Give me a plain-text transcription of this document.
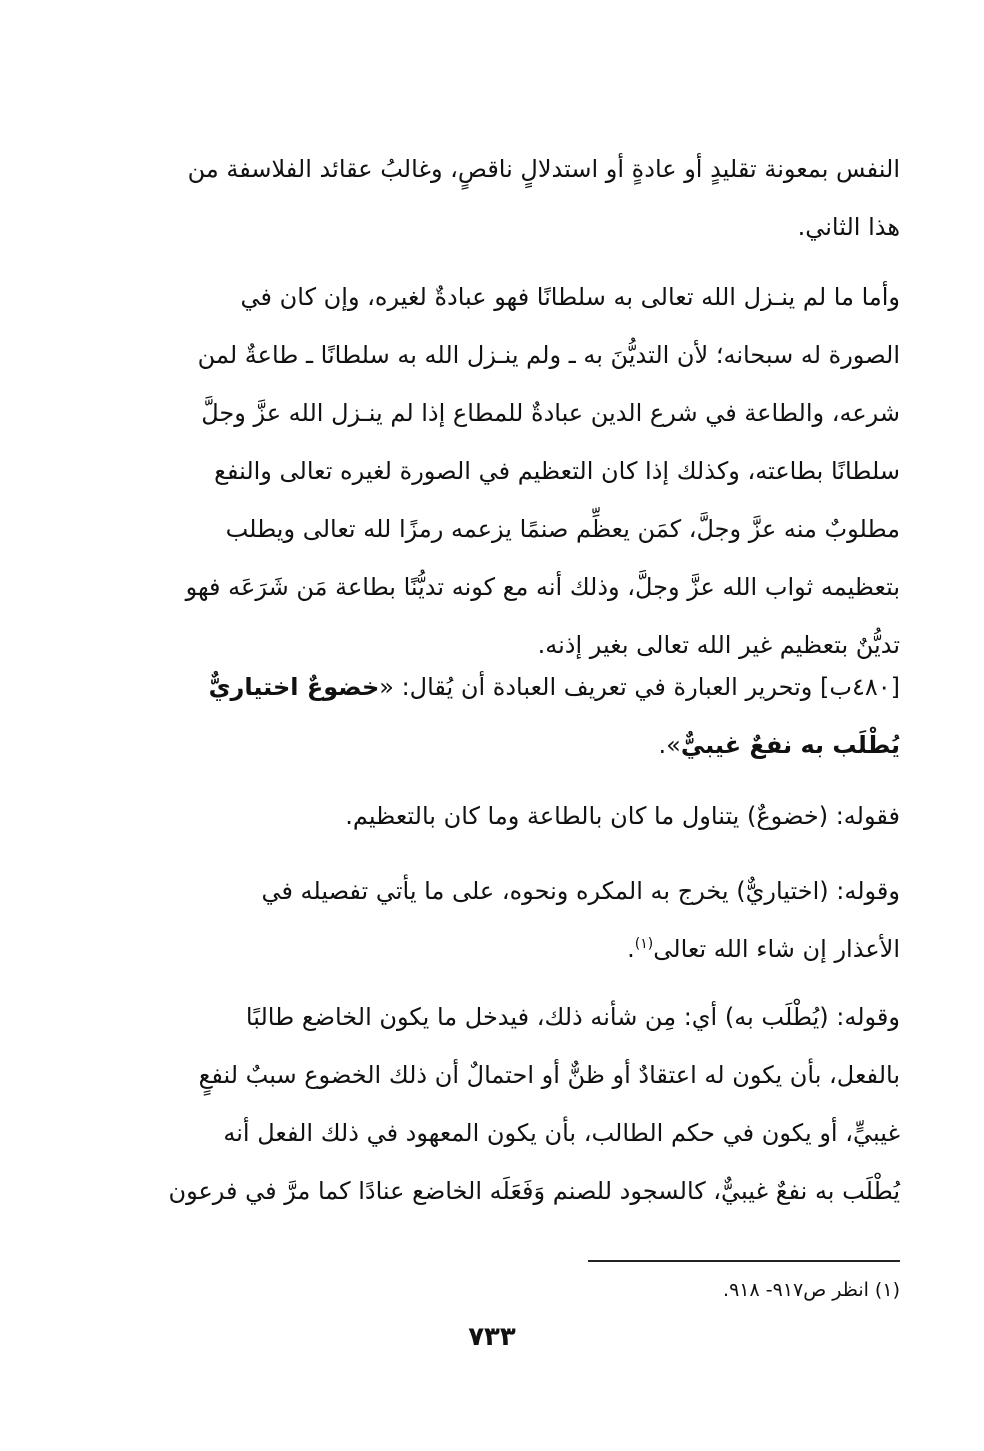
النفس بمعونة تقليدٍ أو عادةٍ أو استدلالٍ ناقصٍ، وغالبُ عقائد الفلاسفة من
هذا الثاني.

وأما ما لم ينـزل الله تعالى به سلطانًا فهو عبادةٌ لغيره، وإن كان في
الصورة له سبحانه؛ لأن التديُّنَ به ـ ولم ينـزل الله به سلطانًا ـ طاعةٌ لمن
شرعه، والطاعة في شرع الدين عبادةٌ للمطاع إذا لم ينـزل الله عزَّ وجلَّ
سلطانًا بطاعته، وكذلك إذا كان التعظيم في الصورة لغيره تعالى والنفع
مطلوبٌ منه عزَّ وجلَّ، كمَن يعظِّم صنمًا يزعمه رمزًا لله تعالى ويطلب
بتعظيمه ثواب الله عزَّ وجلَّ، وذلك أنه مع كونه تديُّنًا بطاعة مَن شَرَعَه فهو
تديُّنٌ بتعظيم غير الله تعالى بغير إذنه.

[٤٨٠ب] وتحرير العبارة في تعريف العبادة أن يُقال: «خضوعٌ اختياريٌّ
يُطْلَب به نفعٌ غيبيٌّ».

فقوله: (خضوعٌ) يتناول ما كان بالطاعة وما كان بالتعظيم.

وقوله: (اختياريٌّ) يخرج به المكره ونحوه، على ما يأتي تفصيله في
الأعذار إن شاء الله تعالى$^{(١)}$.

وقوله: (يُطْلَب به) أي: مِن شأنه ذلك، فيدخل ما يكون الخاضع طالبًا
بالفعل، بأن يكون له اعتقادٌ أو ظنٌّ أو احتمالٌ أن ذلك الخضوع سببٌ لنفعٍ
غيبيٍّ، أو يكون في حكم الطالب، بأن يكون المعهود في ذلك الفعل أنه
يُطْلَب به نفعٌ غيبيٌّ، كالسجود للصنم وَفَعَلَه الخاضع عنادًا كما مرَّ في فرعون

(١) انظر ص٩١٧- ٩١٨.

٧٣٣
